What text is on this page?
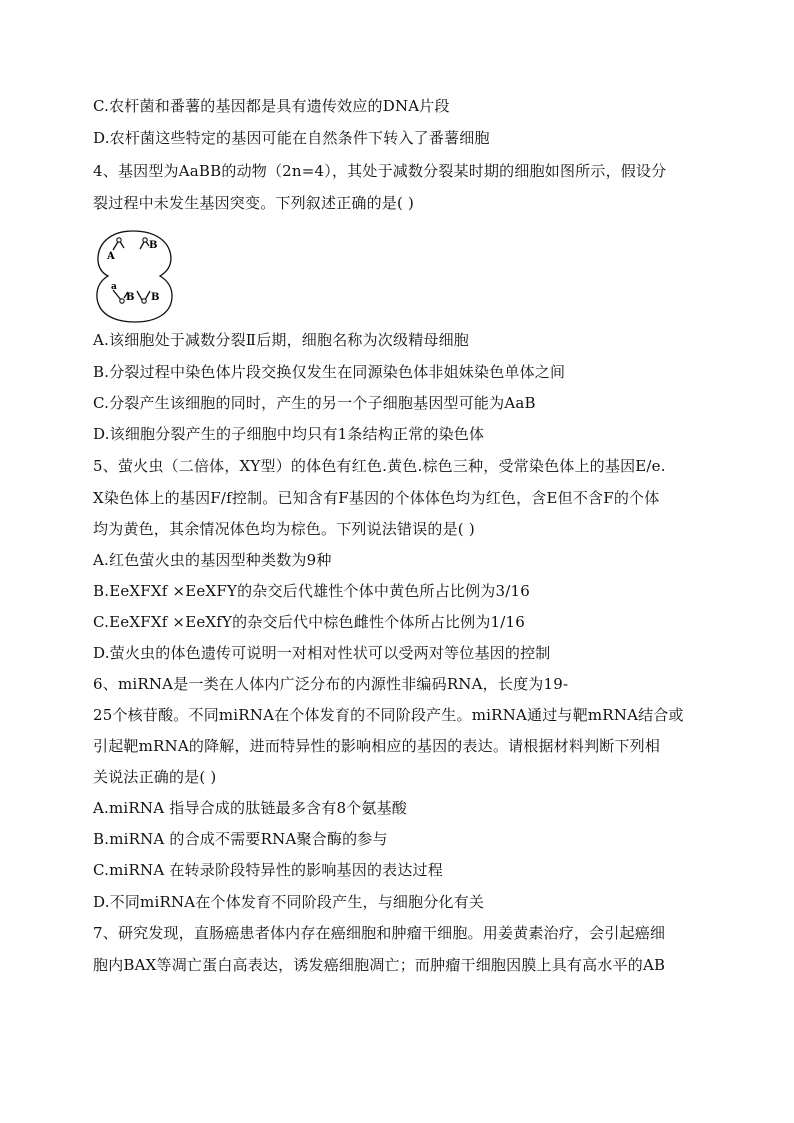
C.农杆菌和番薯的基因都是具有遗传效应的DNA片段
D.农杆菌这些特定的基因可能在自然条件下转入了番薯细胞
4、基因型为AaBB的动物（2n=4），其处于减数分裂某时期的细胞如图所示，假设分
裂过程中未发生基因突变。下列叙述正确的是( )
A
B
a
B B
A.该细胞处于减数分裂Ⅱ后期，细胞名称为次级精母细胞
B.分裂过程中染色体片段交换仅发生在同源染色体非姐妹染色单体之间
C.分裂产生该细胞的同时，产生的另一个子细胞基因型可能为AaB
D.该细胞分裂产生的子细胞中均只有1条结构正常的染色体
5、萤火虫（二倍体，XY型）的体色有红色.黄色.棕色三种，受常染色体上的基因E/e.
X染色体上的基因F/f控制。已知含有F基因的个体体色均为红色，含E但不含F的个体
均为黄色，其余情况体色均为棕色。下列说法错误的是( )
A.红色萤火虫的基因型种类数为9种
B.EeXFXf ×EeXFY的杂交后代雄性个体中黄色所占比例为3/16
C.EeXFXf ×EeXfY的杂交后代中棕色雌性个体所占比例为1/16
D.萤火虫的体色遗传可说明一对相对性状可以受两对等位基因的控制
6、miRNA是一类在人体内广泛分布的内源性非编码RNA，长度为19-
25个核苷酸。不同miRNA在个体发育的不同阶段产生。miRNA通过与靶mRNA结合或
引起靶mRNA的降解，进而特异性的影响相应的基因的表达。请根据材料判断下列相
关说法正确的是( )
A.miRNA 指导合成的肽链最多含有8个氨基酸
B.miRNA 的合成不需要RNA聚合酶的参与
C.miRNA 在转录阶段特异性的影响基因的表达过程
D.不同miRNA在个体发育不同阶段产生，与细胞分化有关
7、研究发现，直肠癌患者体内存在癌细胞和肿瘤干细胞。用姜黄素治疗，会引起癌细
胞内BAX等凋亡蛋白高表达，诱发癌细胞凋亡；而肿瘤干细胞因膜上具有高水平的AB
